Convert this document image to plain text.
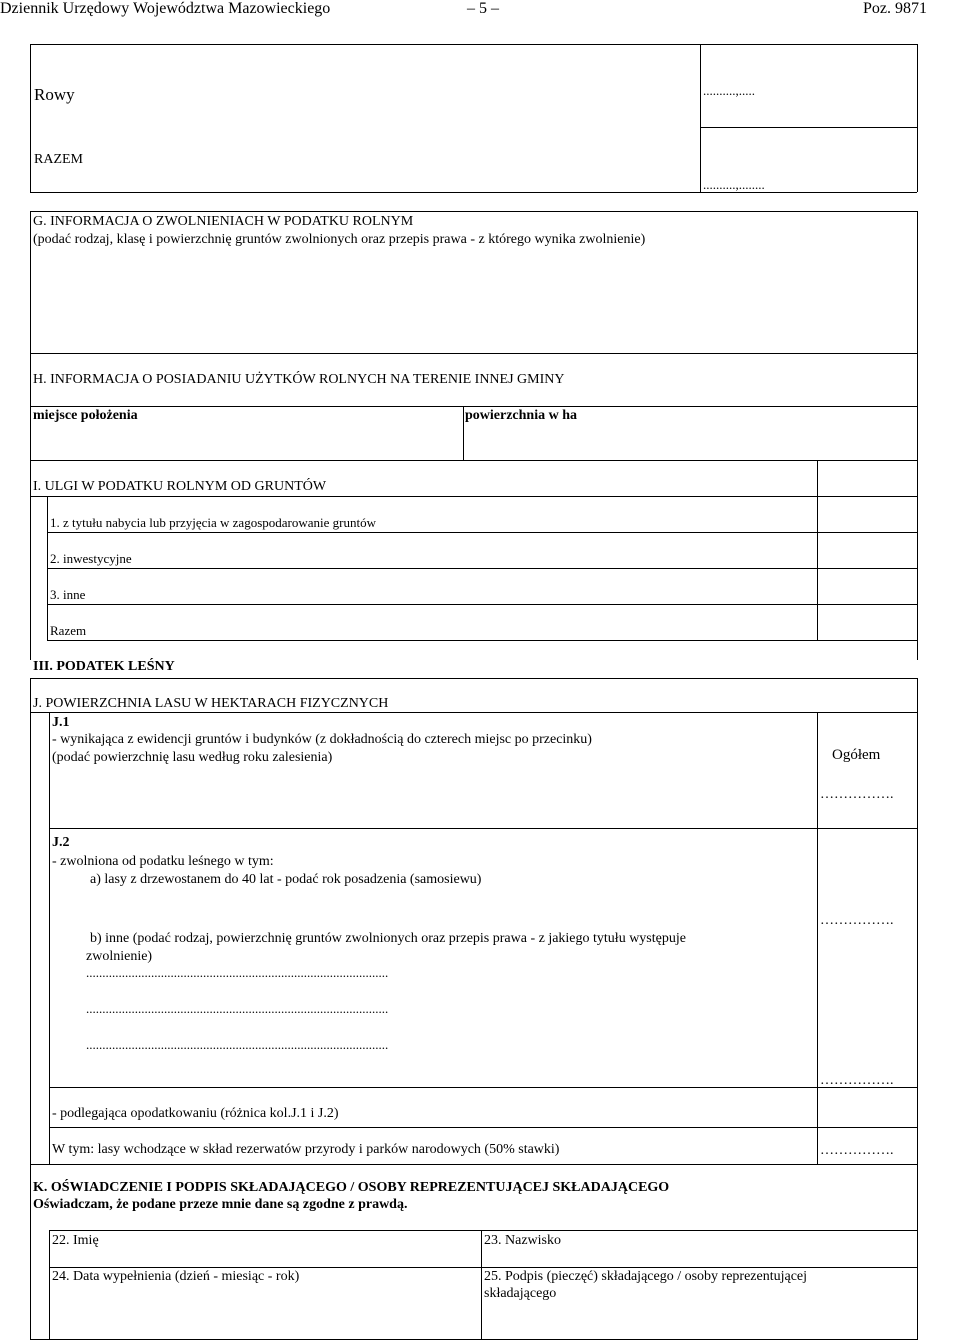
Dziennik Urzędowy Województwa Mazowieckiego	– 5 –	Poz. 9871
Rowy	..........,.....
RAZEM
..........,........
G. INFORMACJA O ZWOLNIENIACH W PODATKU ROLNYM
(podać rodzaj, klasę i powierzchnię gruntów zwolnionych oraz przepis prawa - z którego wynika zwolnienie)
H. INFORMACJA O POSIADANIU UŻYTKÓW ROLNYCH NA TERENIE INNEJ GMINY
miejsce położenia	powierzchnia w ha
I. ULGI W PODATKU ROLNYM OD GRUNTÓW
1. z tytułu nabycia lub przyjęcia w zagospodarowanie gruntów
2. inwestycyjne
3. inne
Razem
III. PODATEK LEŚNY
J. POWIERZCHNIA LASU W HEKTARACH FIZYCZNYCH
J.1
- wynikająca z ewidencji gruntów i budynków (z dokładnością do czterech miejsc po przecinku)
(podać powierzchnię lasu według roku zalesienia)	Ogółem
…………….
J.2
- zwolniona od podatku leśnego w tym:
a) lasy z drzewostanem do 40 lat - podać rok posadzenia (samosiewu)
…………….
b) inne (podać rodzaj, powierzchnię gruntów zwolnionych oraz przepis prawa - z jakiego tytułu występuje
zwolnienie)
.............................................................................................
.............................................................................................
.............................................................................................
…………….
- podlegająca opodatkowaniu (różnica kol.J.1 i J.2)
W tym: lasy wchodzące w skład rezerwatów przyrody i parków narodowych (50% stawki)	…………….
K. OŚWIADCZENIE I PODPIS SKŁADAJĄCEGO / OSOBY REPREZENTUJĄCEJ SKŁADAJĄCEGO
Oświadczam, że podane przeze mnie dane są zgodne z prawdą.
22. Imię	23. Nazwisko
24. Data wypełnienia (dzień - miesiąc - rok)	25. Podpis (pieczęć) składającego / osoby reprezentującej
składającego
